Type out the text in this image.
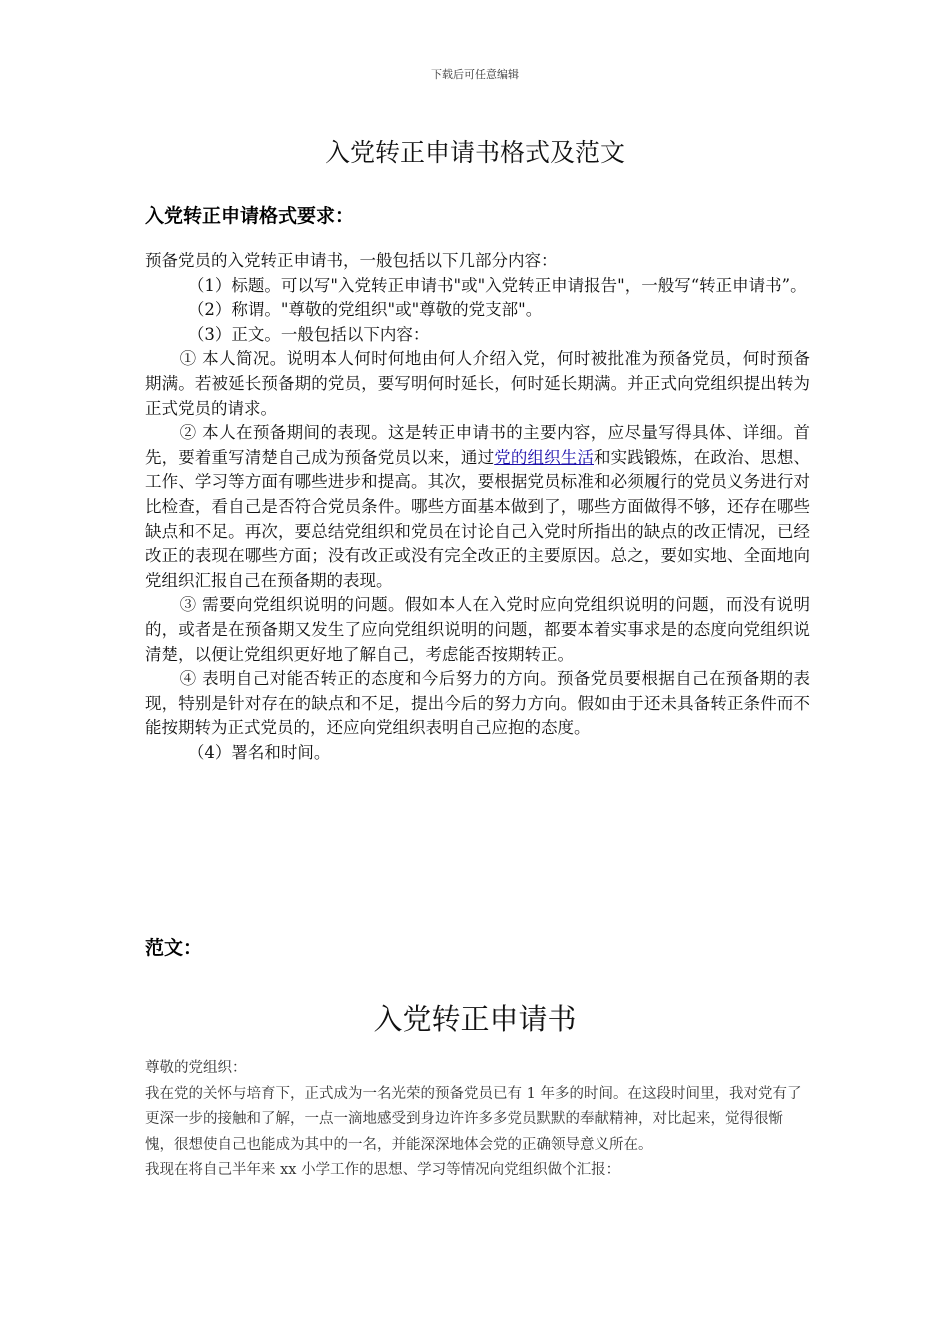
下载后可任意编辑
入党转正申请书格式及范文
入党转正申请格式要求：

预备党员的入党转正申请书，一般包括以下几部分内容：

（1）标题。可以写"入党转正申请书"或"入党转正申请报告"，一般写“转正申请书”。

（2）称谓。"尊敬的党组织"或"尊敬的党支部"。

（3）正文。一般包括以下内容：

① 本人简况。说明本人何时何地由何人介绍入党，何时被批准为预备党员，何时预备期满。若被延长预备期的党员，要写明何时延长，何时延长期满。并正式向党组织提出转为正式党员的请求。

② 本人在预备期间的表现。这是转正申请书的主要内容，应尽量写得具体、详细。首先，要着重写清楚自己成为预备党员以来，通过党的组织生活和实践锻炼，在政治、思想、工作、学习等方面有哪些进步和提高。其次，要根据党员标准和必须履行的党员义务进行对比检查，看自己是否符合党员条件。哪些方面基本做到了，哪些方面做得不够，还存在哪些缺点和不足。再次，要总结党组织和党员在讨论自己入党时所指出的缺点的改正情况，已经改正的表现在哪些方面；没有改正或没有完全改正的主要原因。总之，要如实地、全面地向党组织汇报自己在预备期的表现。

③ 需要向党组织说明的问题。假如本人在入党时应向党组织说明的问题，而没有说明的，或者是在预备期又发生了应向党组织说明的问题，都要本着实事求是的态度向党组织说清楚，以便让党组织更好地了解自己，考虑能否按期转正。

④ 表明自己对能否转正的态度和今后努力的方向。预备党员要根据自己在预备期的表现，特别是针对存在的缺点和不足，提出今后的努力方向。假如由于还未具备转正条件而不能按期转为正式党员的，还应向党组织表明自己应抱的态度。

（4）署名和时间。

范文：
入党转正申请书

尊敬的党组织：

我在党的关怀与培育下，正式成为一名光荣的预备党员已有 1 年多的时间。在这段时间里，我对党有了更深一步的接触和了解，一点一滴地感受到身边许许多多党员默默的奉献精神，对比起来，觉得很惭愧，很想使自己也能成为其中的一名，并能深深地体会党的正确领导意义所在。

我现在将自己半年来 xx 小学工作的思想、学习等情况向党组织做个汇报：
